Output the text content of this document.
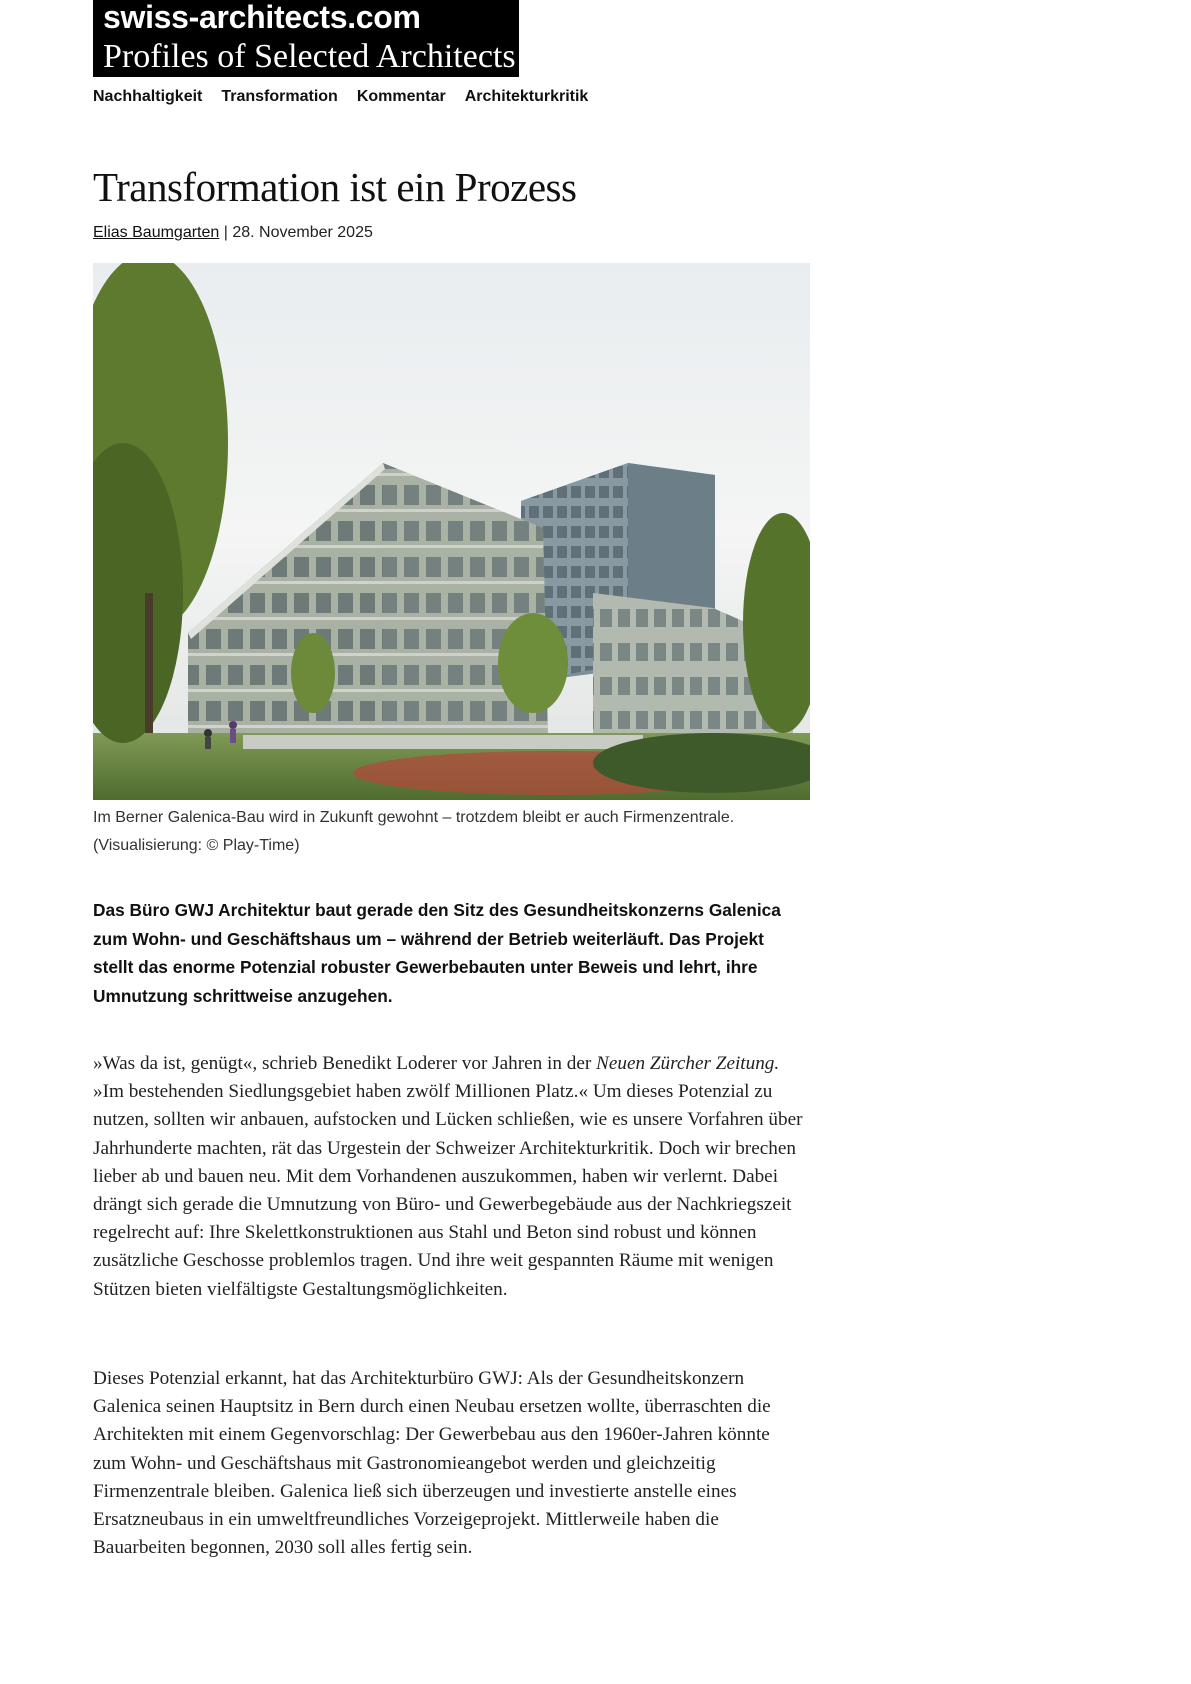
swiss-architects.com
Profiles of Selected Architects
Nachhaltigkeit Transformation Kommentar Architekturkritik
Transformation ist ein Prozess
Elias Baumgarten | 28. November 2025
Im Berner Galenica-Bau wird in Zukunft gewohnt – trotzdem bleibt er auch Firmenzentrale.
(Visualisierung: © Play-Time)

Das Büro GWJ Architektur baut gerade den Sitz des Gesundheitskonzerns Galenica zum Wohn- und Geschäftshaus um – während der Betrieb weiterläuft. Das Projekt stellt das enorme Potenzial robuster Gewerbebauten unter Beweis und lehrt, ihre Umnutzung schrittweise anzugehen.

»Was da ist, genügt«, schrieb Benedikt Loderer vor Jahren in der Neuen Zürcher Zeitung. »Im bestehenden Siedlungsgebiet haben zwölf Millionen Platz.« Um dieses Potenzial zu nutzen, sollten wir anbauen, aufstocken und Lücken schließen, wie es unsere Vorfahren über Jahrhunderte machten, rät das Urgestein der Schweizer Architekturkritik. Doch wir brechen lieber ab und bauen neu. Mit dem Vorhandenen auszukommen, haben wir verlernt. Dabei drängt sich gerade die Umnutzung von Büro- und Gewerbegebäude aus der Nachkriegszeit regelrecht auf: Ihre Skelettkonstruktionen aus Stahl und Beton sind robust und können zusätzliche Geschosse problemlos tragen. Und ihre weit gespannten Räume mit wenigen Stützen bieten vielfältigste Gestaltungsmöglichkeiten.

Dieses Potenzial erkannt, hat das Architekturbüro GWJ: Als der Gesundheitskonzern Galenica seinen Hauptsitz in Bern durch einen Neubau ersetzen wollte, überraschten die Architekten mit einem Gegenvorschlag: Der Gewerbebau aus den 1960er-Jahren könnte zum Wohn- und Geschäftshaus mit Gastronomieangebot werden und gleichzeitig Firmenzentrale bleiben. Galenica ließ sich überzeugen und investierte anstelle eines Ersatzneubaus in ein umweltfreundliches Vorzeigeprojekt. Mittlerweile haben die Bauarbeiten begonnen, 2030 soll alles fertig sein.
